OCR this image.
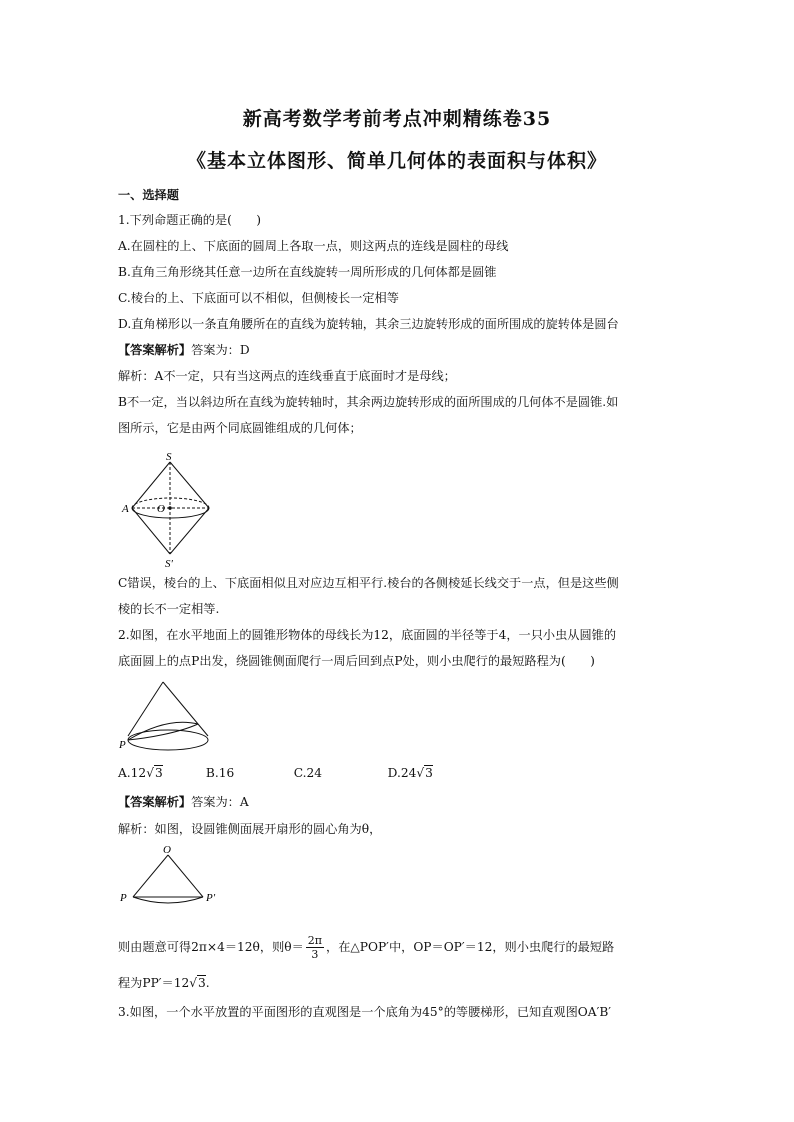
新高考数学考前考点冲刺精练卷35
《基本立体图形、简单几何体的表面积与体积》
一、选择题
1.下列命题正确的是(　　)
A.在圆柱的上、下底面的圆周上各取一点，则这两点的连线是圆柱的母线
B.直角三角形绕其任意一边所在直线旋转一周所形成的几何体都是圆锥
C.棱台的上、下底面可以不相似，但侧棱长一定相等
D.直角梯形以一条直角腰所在的直线为旋转轴，其余三边旋转形成的面所围成的旋转体是圆台
【答案解析】答案为：D
解析：A不一定，只有当这两点的连线垂直于底面时才是母线；
B不一定，当以斜边所在直线为旋转轴时，其余两边旋转形成的面所围成的几何体不是圆锥.如
图所示，它是由两个同底圆锥组成的几何体；
S
A	O
S′
C错误，棱台的上、下底面相似且对应边互相平行.棱台的各侧棱延长线交于一点，但是这些侧
棱的长不一定相等.
2.如图，在水平地面上的圆锥形物体的母线长为12，底面圆的半径等于4，一只小虫从圆锥的
底面圆上的点P出发，绕圆锥侧面爬行一周后回到点P处，则小虫爬行的最短路程为(　　)
P
A.12√3	B.16	C.24	D.24√3
【答案解析】答案为：A
解析：如图，设圆锥侧面展开扇形的圆心角为θ，
O
P	P′
则由题意可得2π×4＝12θ，则$\theta= \frac{2\pi}{3}$ ，在△POP′中，OP＝OP′＝12，则小虫爬行的最短路
程为PP′＝12√3.
3.如图，一个水平放置的平面图形的直观图是一个底角为45°的等腰梯形，已知直观图OA′B′
